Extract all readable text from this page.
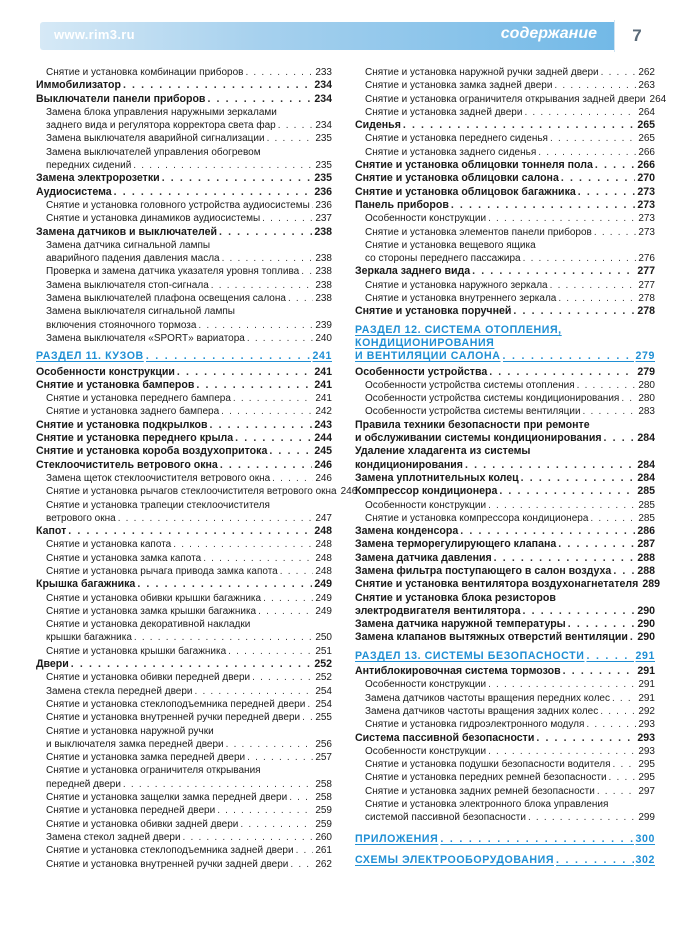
www.rim3.ru	содержание	7
Снятие и установка комбинации приборов . . .	233
Иммобилизатор . . .	234
Выключатели панели приборов . . .	234
Замена блока управления наружными зеркалами
заднего вида и регулятора корректора света фар . . .	234
Замена выключателя аварийной сигнализации . . .	235
Замена выключателей управления обогревом
передних сидений . . .	235
Замена электророзетки . . .	235
Аудиосистема . . .	236
Снятие и установка головного устройства аудиосистемы . . . 236
Снятие и установка динамиков аудиосистемы . . .	237
Замена датчиков и выключателей . . .	238
Замена датчика сигнальной лампы
аварийного падения давления масла . . .	238
Проверка и замена датчика указателя уровня топлива . . . 238
Замена выключателя стоп-сигнала . . .	238
Замена выключателей плафона освещения салона . . .	238
Замена выключателя сигнальной лампы
включения стояночного тормоза . . .	239
Замена выключателя «SPORT» вариатора . . .	240
РАЗДЕЛ 11. КУЗОВ . . .	241
Особенности конструкции . . .	241
Снятие и установка бамперов . . .	241
Снятие и установка переднего бампера . . .	241
Снятие и установка заднего бампера . . .	242
Снятие и установка подкрылков . . .	243
Снятие и установка переднего крыла . . .	244
Снятие и установка короба воздухопритока . . .	245
Стеклоочиститель ветрового окна . . .	246
Замена щеток стеклоочистителя ветрового окна . . .	246
Снятие и установка рычагов стеклоочистителя ветрового окна 246
Снятие и установка трапеции стеклоочистителя
ветрового окна . . .	247
Капот . . .	248
Снятие и установка капота . . .	248
Снятие и установка замка капота . . .	248
Снятие и установка рычага привода замка капота . . .	248
Крышка багажника . . .	249
Снятие и установка обивки крышки багажника . . .	249
Снятие и установка замка крышки багажника . . .	249
Снятие и установка декоративной накладки
крышки багажника . . .	250
Снятие и установка крышки багажника . . .	251
Двери . . .	252
Снятие и установка обивки передней двери . . .	252
Замена стекла передней двери . . .	254
Снятие и установка стеклоподъемника передней двери . . . 254
Снятие и установка внутренней ручки передней двери . . . 255
Снятие и установка наружной ручки
и выключателя замка передней двери . . .	256
Снятие и установка замка передней двери . . .	257
Снятие и установка ограничителя открывания
передней двери . . .	258
Снятие и установка защелки замка передней двери . . .	258
Снятие и установка передней двери . . .	259
Снятие и установка обивки задней двери . . .	259
Замена стекол задней двери . . .	260
Снятие и установка стеклоподъемника задней двери . . . 261
Снятие и установка внутренней ручки задней двери . . .	262
Снятие и установка наружной ручки задней двери . . .	262
Снятие и установка замка задней двери . . .	263
Снятие и установка ограничителя открывания задней двери 264
Снятие и установка задней двери . . .	264
Сиденья . . .	265
Снятие и установка переднего сиденья . . .	265
Снятие и установка заднего сиденья . . .	266
Снятие и установка облицовки тоннеля пола . . .	266
Снятие и установка облицовки салона . . .	270
Снятие и установка облицовок багажника . . .	273
Панель приборов . . .	273
Особенности конструкции . . .	273
Снятие и установка элементов панели приборов . . .	273
Снятие и установка вещевого ящика
со стороны переднего пассажира . . .	276
Зеркала заднего вида . . .	277
Снятие и установка наружного зеркала . . .	277
Снятие и установка внутреннего зеркала . . .	278
Снятие и установка поручней . . .	278
РАЗДЕЛ 12. СИСТЕМА ОТОПЛЕНИЯ,
КОНДИЦИОНИРОВАНИЯ
И ВЕНТИЛЯЦИИ САЛОНА . . .	279
Особенности устройства . . .	279
Особенности устройства системы отопления . . .	280
Особенности устройства системы кондиционирования . . . 280
Особенности устройства системы вентиляции . . .	283
Правила техники безопасности при ремонте
и обслуживании системы кондиционирования . . .	284
Удаление хладагента из системы
кондиционирования . . .	284
Замена уплотнительных колец . . .	284
Компрессор кондиционера . . .	285
Особенности конструкции . . .	285
Снятие и установка компрессора кондиционера . . .	285
Замена конденсора . . .	286
Замена терморегулирующего клапана . . .	287
Замена датчика давления . . .	288
Замена фильтра поступающего в салон воздуха . . . 288
Снятие и установка вентилятора воздухонагнетателя 289
Снятие и установка блока резисторов
электродвигателя вентилятора . . .	290
Замена датчика наружной температуры . . .	290
Замена клапанов вытяжных отверстий вентиляции . . . 290
РАЗДЕЛ 13. СИСТЕМЫ БЕЗОПАСНОСТИ . . .	291
Антиблокировочная система тормозов . . .	291
Особенности конструкции . . .	291
Замена датчиков частоты вращения передних колес . . .	291
Замена датчиков частоты вращения задних колес . . .	292
Снятие и установка гидроэлектронного модуля . . .	293
Система пассивной безопасности . . .	293
Особенности конструкции . . .	293
Снятие и установка подушки безопасности водителя . . .	295
Снятие и установка передних ремней безопасности . . .	295
Снятие и установка задних ремней безопасности . . .	297
Снятие и установка электронного блока управления
системой пассивной безопасности . . .	299
ПРИЛОЖЕНИЯ . . .	300
СХЕМЫ ЭЛЕКТРООБОРУДОВАНИЯ . . .	302
